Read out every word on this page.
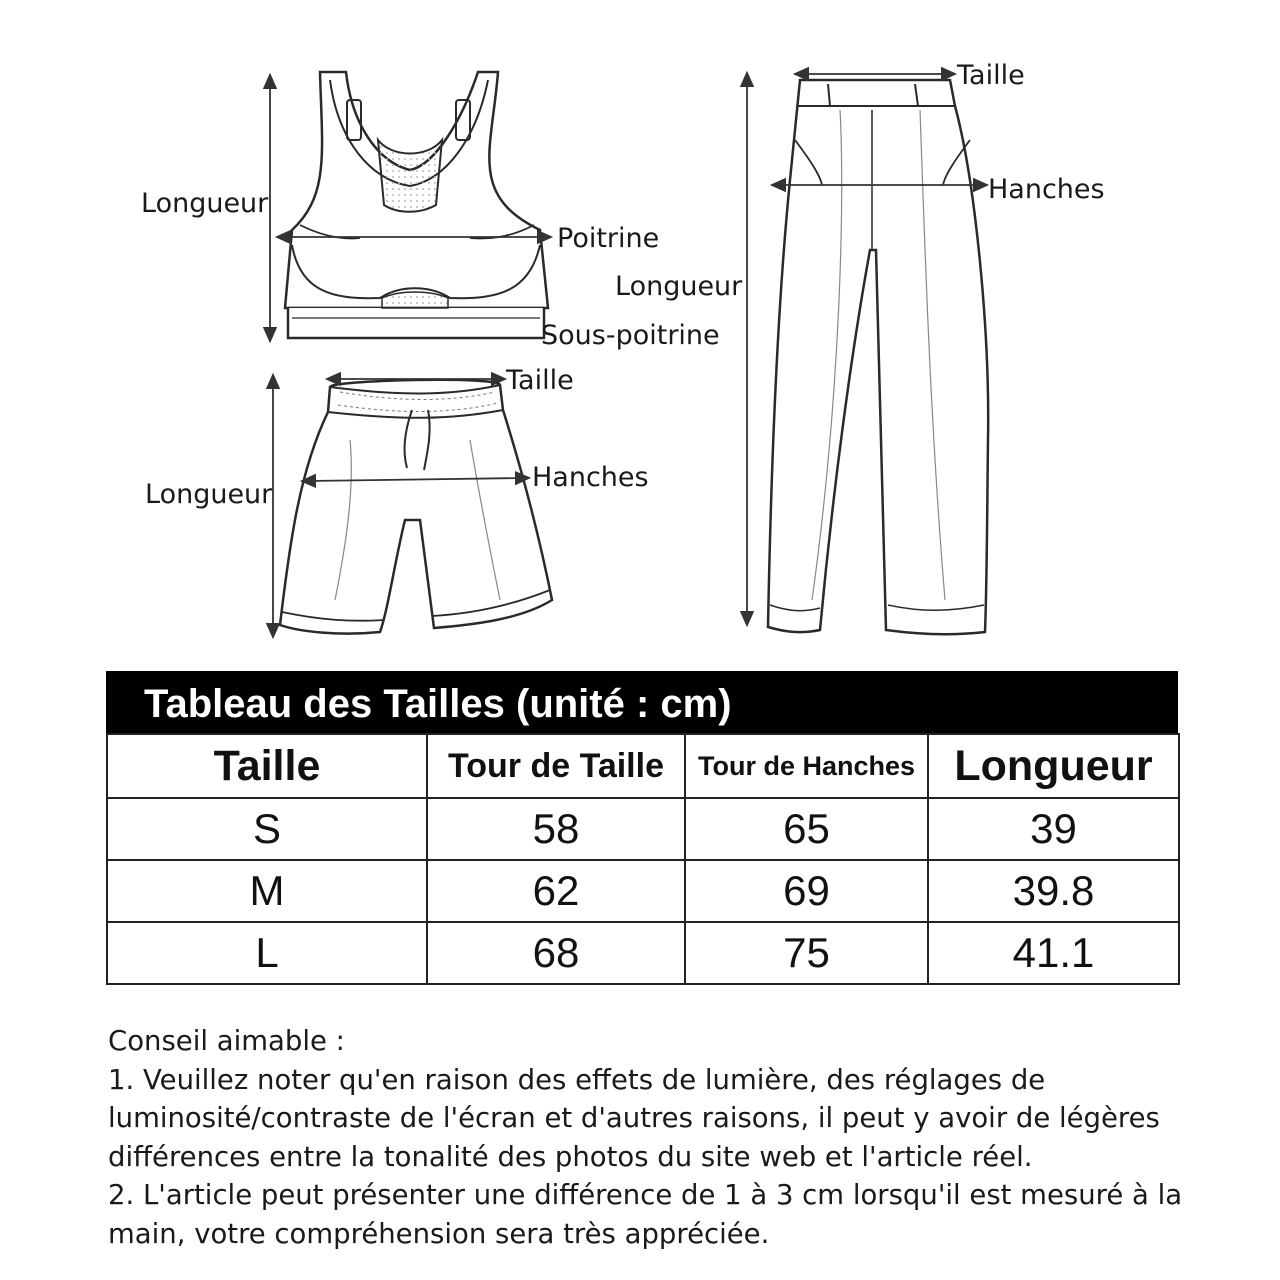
Longueur
Poitrine
Sous-poitrine
Taille
Hanches
Longueur
Taille
Hanches
Longueur
Tableau des Tailles (unité : cm)
Taille	Tour de Taille	Tour de Hanches	Longueur
S	58	65	39
M	62	69	39.8
L	68	75	41.1
Conseil aimable :
1. Veuillez noter qu'en raison des effets de lumière, des réglages de
luminosité/contraste de l'écran et d'autres raisons, il peut y avoir de légères
différences entre la tonalité des photos du site web et l'article réel.
2. L'article peut présenter une différence de 1 à 3 cm lorsqu'il est mesuré à la
main, votre compréhension sera très appréciée.
